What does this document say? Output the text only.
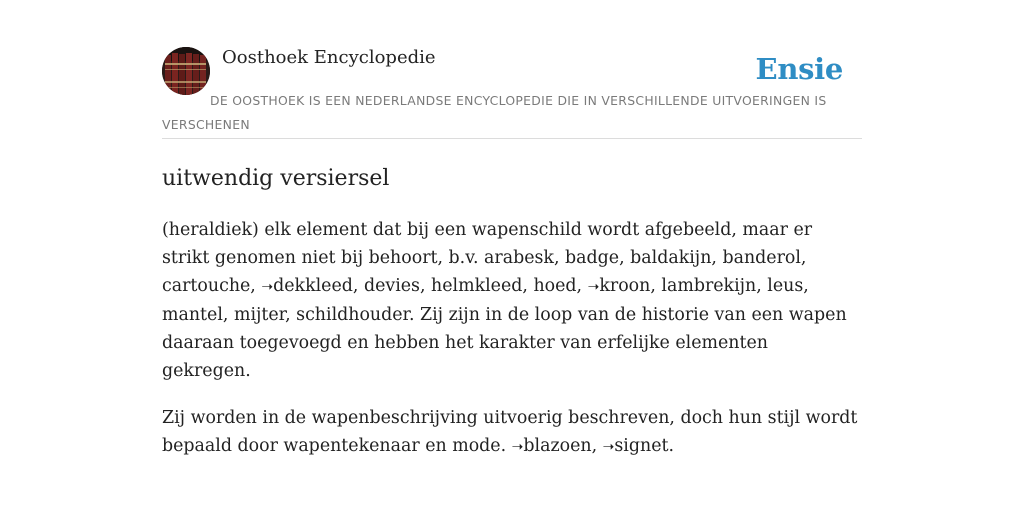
Oosthoek Encyclopedie	Ensie

DE OOSTHOEK IS EEN NEDERLANDSE ENCYCLOPEDIE DIE IN VERSCHILLENDE UITVOERINGEN IS VERSCHENEN

uitwendig versiersel

(heraldiek) elk element dat bij een wapenschild wordt afgebeeld, maar er strikt genomen niet bij behoort, b.v. arabesk, badge, baldakijn, banderol, cartouche, ➝dekkleed, devies, helmkleed, hoed, ➝kroon, lambrekijn, leus, mantel, mijter, schildhouder. Zij zijn in de loop van de historie van een wapen daaraan toegevoegd en hebben het karakter van erfelijke elementen gekregen.

Zij worden in de wapenbeschrijving uitvoerig beschreven, doch hun stijl wordt bepaald door wapentekenaar en mode. ➝blazoen, ➝signet.
